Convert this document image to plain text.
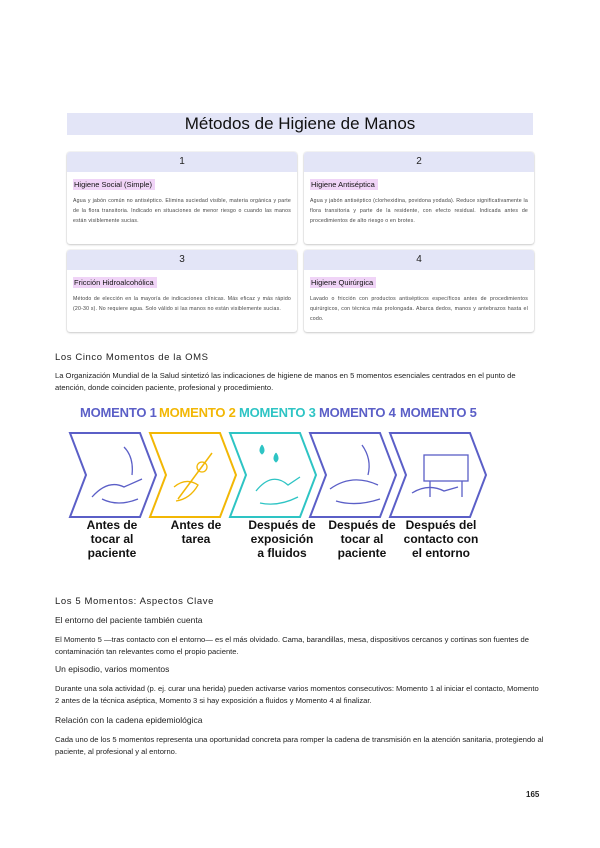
Métodos de Higiene de Manos
1
Higiene Social (Simple)
Agua y jabón común no antiséptico. Elimina suciedad visible, materia orgánica y parte de la flora transitoria. Indicado en situaciones de menor riesgo o cuando las manos están visiblemente sucias.
2
Higiene Antiséptica
Agua y jabón antiséptico (clorhexidina, povidona yodada). Reduce significativamente la flora transitoria y parte de la residente, con efecto residual. Indicada antes de procedimientos de alto riesgo o en brotes.
3
Fricción Hidroalcohólica
Método de elección en la mayoría de indicaciones clínicas. Más eficaz y más rápido (20-30 s). No requiere agua. Solo válido si las manos no están visiblemente sucias.
4
Higiene Quirúrgica
Lavado o fricción con productos antisépticos específicos antes de procedimientos quirúrgicos, con técnica más prolongada. Abarca dedos, manos y antebrazos hasta el codo.
Los Cinco Momentos de la OMS
La Organización Mundial de la Salud sintetizó las indicaciones de higiene de manos en 5 momentos esenciales centrados en el punto de atención, donde coinciden paciente, profesional y procedimiento.
MOMENTO 1 MOMENTO 2 MOMENTO 3 MOMENTO 4 MOMENTO 5
Antes de
tocar al
paciente
Antes de
tarea
Después de
exposición
a fluidos
Después de
tocar al
paciente
Después del
contacto con
el entorno
Los 5 Momentos: Aspectos Clave
El entorno del paciente también cuenta
El Momento 5 —tras contacto con el entorno— es el más olvidado. Cama, barandillas, mesa, dispositivos cercanos y cortinas son fuentes de contaminación tan relevantes como el propio paciente.
Un episodio, varios momentos
Durante una sola actividad (p. ej. curar una herida) pueden activarse varios momentos consecutivos: Momento 1 al iniciar el contacto, Momento 2 antes de la técnica aséptica, Momento 3 si hay exposición a fluidos y Momento 4 al finalizar.
Relación con la cadena epidemiológica
Cada uno de los 5 momentos representa una oportunidad concreta para romper la cadena de transmisión en la atención sanitaria, protegiendo al paciente, al profesional y al entorno.
165
